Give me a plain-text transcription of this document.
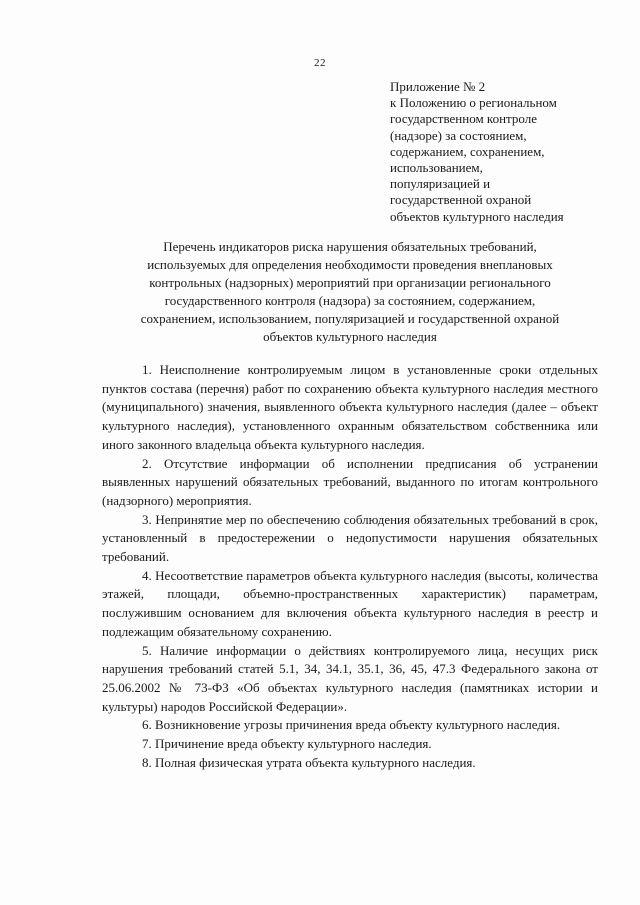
22
Приложение № 2
к Положению о региональном
государственном контроле
(надзоре) за состоянием,
содержанием, сохранением,
использованием,
популяризацией и
государственной охраной
объектов культурного наследия
Перечень индикаторов риска нарушения обязательных требований,
используемых для определения необходимости проведения внеплановых
контрольных (надзорных) мероприятий при организации регионального
государственного контроля (надзора) за состоянием, содержанием,
сохранением, использованием, популяризацией и государственной охраной
объектов культурного наследия

1. Неисполнение контролируемым лицом в установленные сроки отдельных пунктов состава (перечня) работ по сохранению объекта культурного наследия местного (муниципального) значения, выявленного объекта культурного наследия (далее – объект культурного наследия), установленного охранным обязательством собственника или иного законного владельца объекта культурного наследия.

2. Отсутствие информации об исполнении предписания об устранении выявленных нарушений обязательных требований, выданного по итогам контрольного (надзорного) мероприятия.

3. Непринятие мер по обеспечению соблюдения обязательных требований в срок, установленный в предостережении о недопустимости нарушения обязательных требований.

4. Несоответствие параметров объекта культурного наследия (высоты, количества этажей, площади, объемно-пространственных характеристик) параметрам, послужившим основанием для включения объекта культурного наследия в реестр и подлежащим обязательному сохранению.

5. Наличие информации о действиях контролируемого лица, несущих риск нарушения требований статей 5.1, 34, 34.1, 35.1, 36, 45, 47.3 Федерального закона от 25.06.2002 № 73-ФЗ «Об объектах культурного наследия (памятниках истории и культуры) народов Российской Федерации».

6. Возникновение угрозы причинения вреда объекту культурного наследия.

7. Причинение вреда объекту культурного наследия.

8. Полная физическая утрата объекта культурного наследия.
